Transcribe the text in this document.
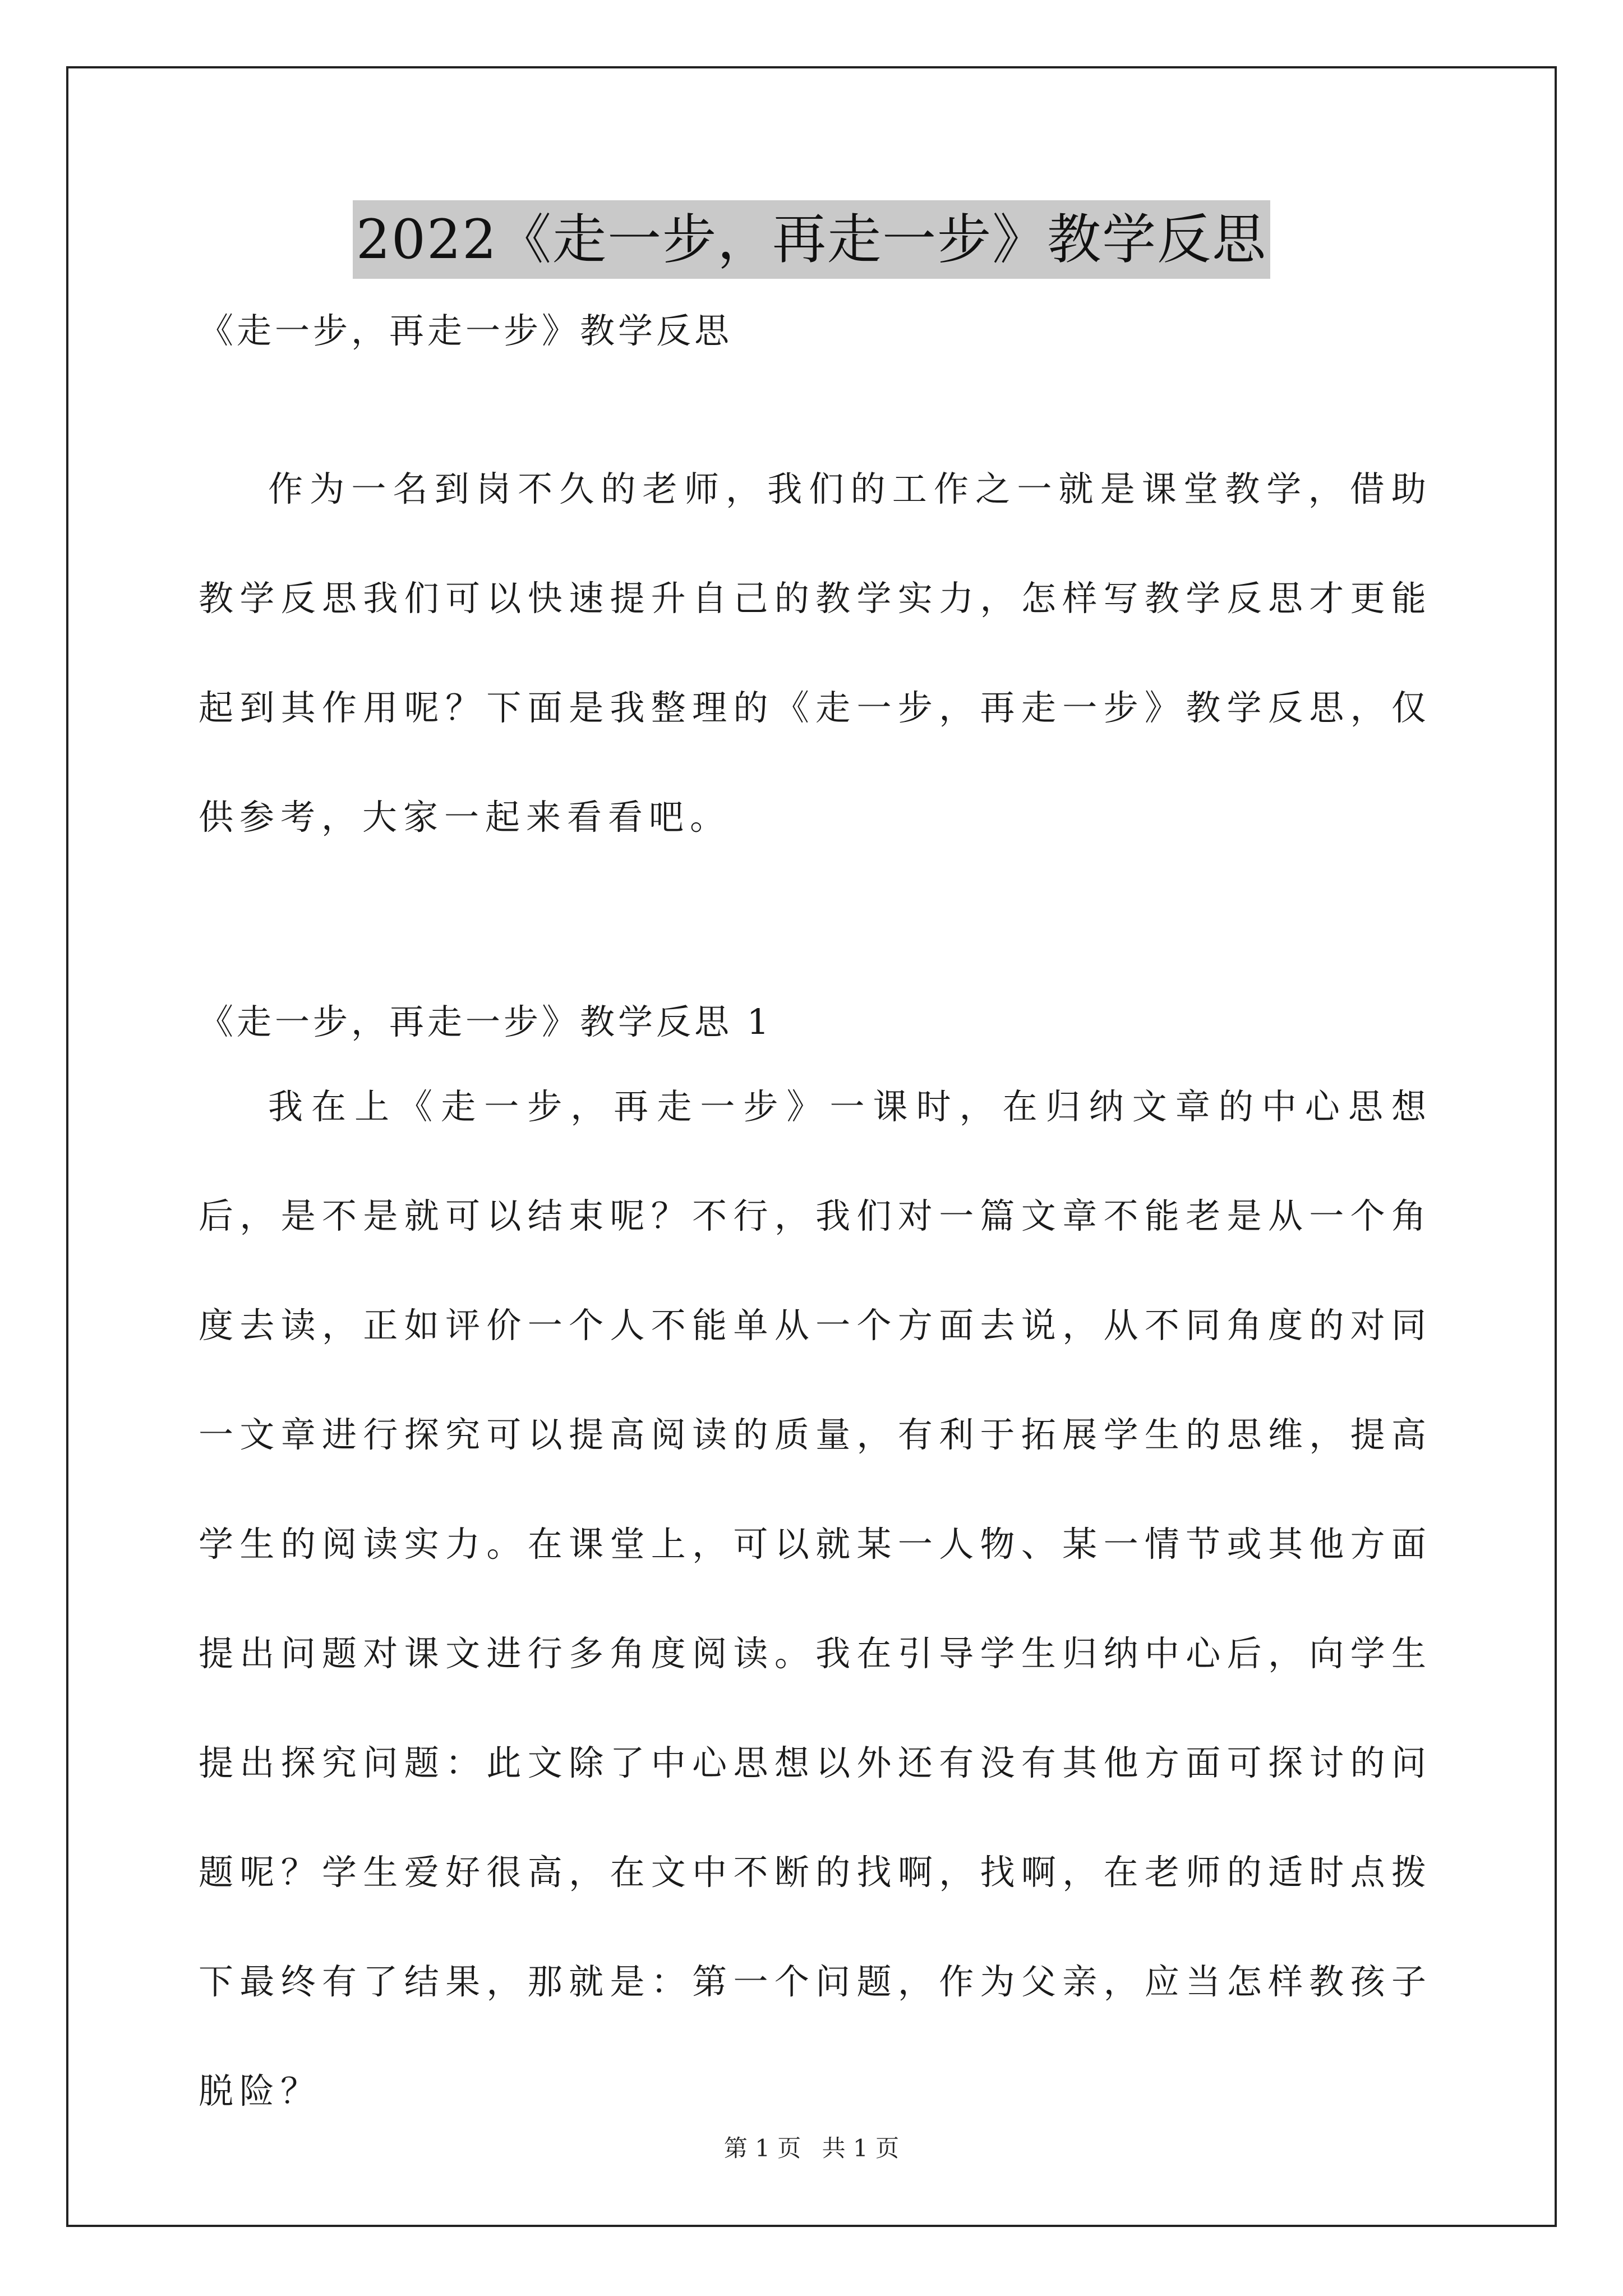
2022《走一步，再走一步》教学反思
《走一步，再走一步》教学反思

作为一名到岗不久的老师，我们的工作之一就是课堂教学，借助教学反思我们可以快速提升自己的教学实力，怎样写教学反思才更能起到其作用呢？下面是我整理的《走一步，再走一步》教学反思，仅供参考，大家一起来看看吧。

《走一步，再走一步》教学反思 1

我在上《走一步，再走一步》一课时，在归纳文章的中心思想后，是不是就可以结束呢？不行，我们对一篇文章不能老是从一个角度去读，正如评价一个人不能单从一个方面去说，从不同角度的对同一文章进行探究可以提高阅读的质量，有利于拓展学生的思维，提高学生的阅读实力。在课堂上，可以就某一人物、某一情节或其他方面提出问题对课文进行多角度阅读。我在引导学生归纳中心后，向学生提出探究问题：此文除了中心思想以外还有没有其他方面可探讨的问题呢？学生爱好很高，在文中不断的找啊，找啊，在老师的适时点拨下最终有了结果，那就是：第一个问题，作为父亲，应当怎样教孩子脱险？

第 1 页 共 1 页
